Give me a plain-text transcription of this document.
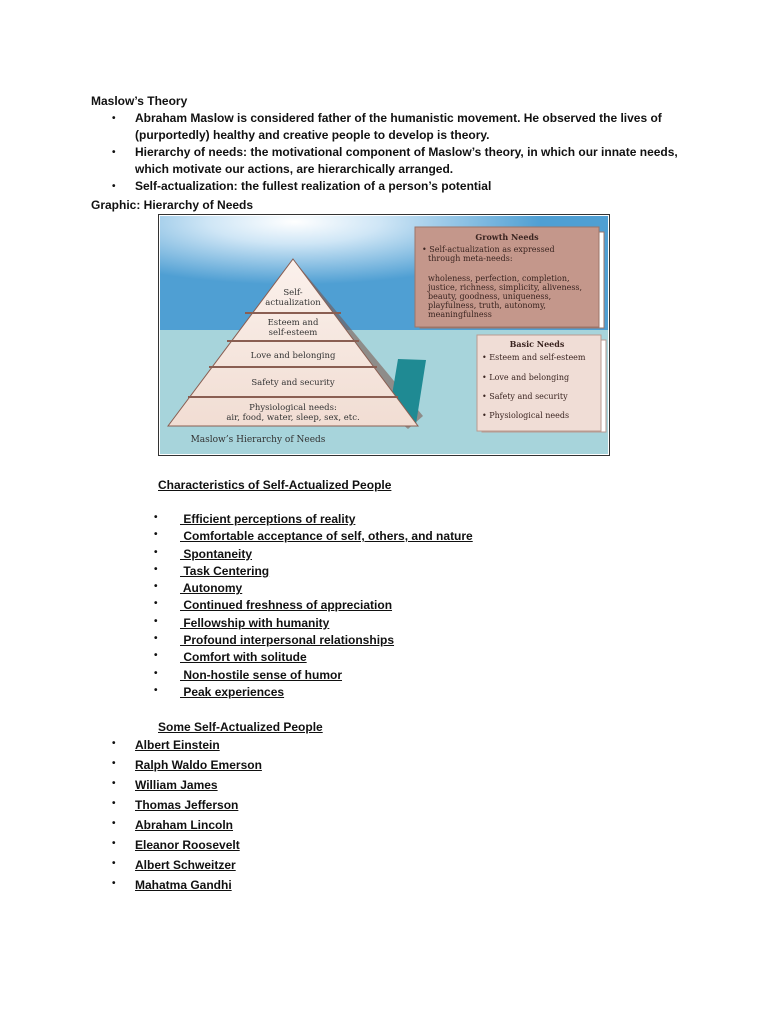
Maslow’s Theory
• Abraham Maslow is considered father of the humanistic movement. He observed the lives of (purportedly) healthy and creative people to develop is theory.
• Hierarchy of needs: the motivational component of Maslow’s theory, in which our innate needs, which motivate our actions, are hierarchically arranged.
• Self-actualization: the fullest realization of a person’s potential
Graphic: Hierarchy of Needs
Self-
actualization
Esteem and
self-esteem
Love and belonging
Safety and security
Physiological needs:
air, food, water, sleep, sex, etc.
Maslow’s Hierarchy of Needs
Growth Needs
• Self-actualization as expressed
through meta-needs:
wholeness, perfection, completion,
justice, richness, simplicity, aliveness,
beauty, goodness, uniqueness,
playfulness, truth, autonomy,
meaningfulness
Basic Needs
• Esteem and self-esteem
• Love and belonging
• Safety and security
• Physiological needs
Characteristics of Self-Actualized People
• Efficient perceptions of reality
• Comfortable acceptance of self, others, and nature
• Spontaneity
• Task Centering
• Autonomy
• Continued freshness of appreciation
• Fellowship with humanity
• Profound interpersonal relationships
• Comfort with solitude
• Non-hostile sense of humor
• Peak experiences
Some Self-Actualized People
• Albert Einstein
• Ralph Waldo Emerson
• William James
• Thomas Jefferson
• Abraham Lincoln
• Eleanor Roosevelt
• Albert Schweitzer
• Mahatma Gandhi
